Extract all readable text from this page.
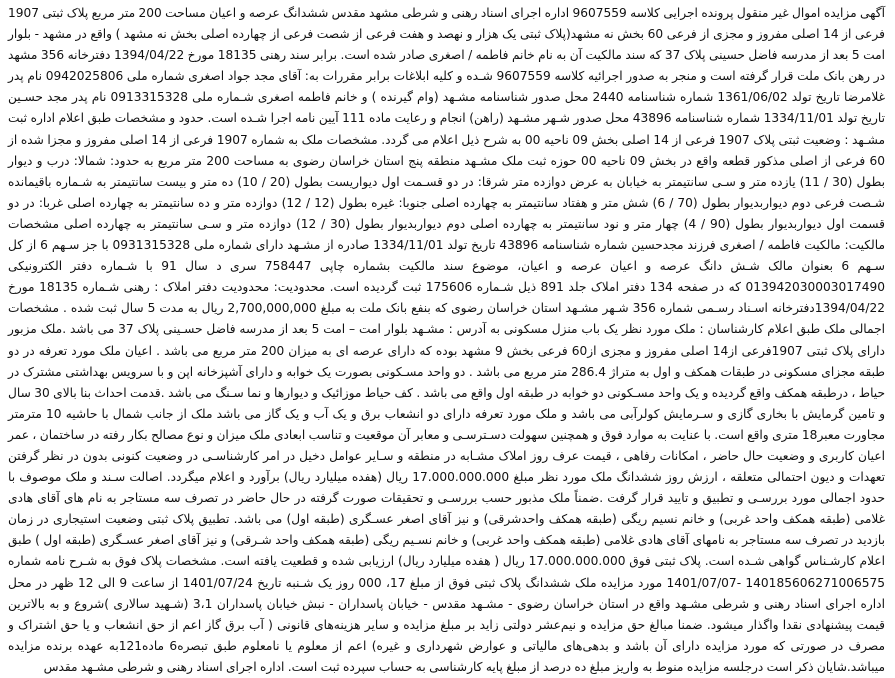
آگهی مزایده اموال غیر منقول پرونده اجرایی کلاسه 9607559 اداره اجرای اسناد رهنی و شرطی مشهد مقدس ششدانگ عرصه و اعیان مساحت 200 متر مربع پلاک ثبتی 1907 فرعی از 14 اصلی مفروز و مجزی از فرعی 60 بخش نه مشهد(پلاک ثبتی یک هزار و نهصد و هفت فرعی از شصت فرعی از چهارده اصلی بخش نه مشهد ) واقع در مشهد - بلوار امت 5 بعد از مدرسه فاضل حسینی پلاک 37 که سند مالکیت آن به نام خانم فاطمه / اصغری صادر شده است. برابر سند رهنی 18135 مورخ 1394/04/22 دفترخانه 356 مشهد در رهن بانک ملت قرار گرفته است و منجر به صدور اجرائیه کلاسه 9607559 شـده و کلیه ابلاغات برابر مقررات به: آقای مجد جواد اصغری شماره ملی 0942025806 نام پدر غلامرضا تاریخ تولد 1361/06/02 شماره شناسنامه 2440 محل صدور شناسنامه مشـهد (وام گیرنده ) و خانم فاطمه اصغری شـماره ملی 0913315328 نام پدر مجد حسـین تاریخ تولد 1334/11/01 شماره شناسنامه 43896 محل صدور شـهر مشـهد (راهن) انجام و رعایت ماده 111 آیین نامه اجرا شـده است. حدود و مشخصات طبق اعلام اداره ثبت مشـهد : وضعیت ثبتی پلاک 1907 فرعی از 14 اصلی بخش 09 ناحیه 00 به شرح ذیل اعلام می گردد. مشخصات ملک به شماره 1907 فرعی از 14 اصلی مفروز و مجزا شده از 60 فرعی از اصلی مذکور قطعه واقع در بخش 09 ناحیه 00 حوزه ثبت ملک مشـهد منطقه پنج استان خراسان رضوی به مساحت 200 متر مربع به حدود: شمالا: درب و دیوار بطول (30 / 11) یازده متر و سـی سانتیمتر به خیابان به عرض دوازده متر شرقا: در دو قسـمت اول دیواریست بطول (20 / 10) ده متر و بیست سانتیمتر به شـماره باقیمانده شـصت فرعی دوم دیواربدیوار بطول (70 / 6) شش متر و هفتاد سانتیمتر به چهارده اصلی جنوبا: غیره بطول (12 / 12) دوازده متر و ده سانتیمتر به چهارده اصلی غربا: در دو قسمت اول دیواربدیوار بطول (90 / 4) چهار متر و نود سانتیمتر به چهارده اصلی دوم دیواربدیوار بطول (30 / 12) دوازده متر و سـی سانتیمتر به چهارده اصلی مشخصات مالکیت: مالکیت فاطمه / اصغری فرزند مجدحسین شماره شناسنامه 43896 تاریخ تولد 1334/11/01 صادره از مشـهد دارای شماره ملی 0931315328 با جز سـهم 6 از کل سـهم 6 بعنوان مالک شـش دانگ عرصه و اعیان عرصه و اعیان، موضوع سند مالکیت بشماره چاپی 758447 سری د سال 91 با شـماره دفتر الکترونیکی 013942030003017490 که در صفحه 134 دفتر املاک جلد 891 ذیل شـماره 175606 ثبت گردیده است. محدودیت: محدودیت دفتر املاک : رهنی شـماره 18135 مورخ 1394/04/22دفترخانه اسـناد رسـمی شماره 356 شـهر مشـهد استان خراسان رضوی که بنفع بانک ملت به مبلغ 2,700,000,000 ریال به مدت 5 سال ثبت شده . مشخصات اجمالی ملک طبق اعلام کارشناسان : ملک مورد نظر یک باب منزل مسکونی به آدرس : مشـهد بلوار امت – امت 5 بعد از مدرسه فاضل حسـینی پلاک 37 می باشد .ملک مزبور دارای پلاک ثبتی 1907فرعی از14 اصلی مفروز و مجزی از60 فرعی بخش 9 مشهد بوده که دارای عرصه ای به میزان 200 متر مربع می باشد . اعیان ملک مورد تعرفه در دو طبقه مجزای مسکونی در طبقات همکف و اول به متراژ 286.4 متر مربع می باشد . دو واحد مسـکونی بصورت یک خوابه و دارای آشپزخانه اپن و با سرویس بهداشتی مشترک در حیاط ، درطبقه همکف واقع گردیده و یک واحد مسـکونی دو خوابه در طبقه اول واقع می باشد . کف حیاط موزائیک و دیوارها و نما سـنگ می باشد .قدمت احداث بنا بالای 30 سال و تامین گرمایش با بخاری گازی و سـرمایش کولرآبی می باشد و ملک مورد تعرفه دارای دو انشعاب برق و یک آب و یک گاز می باشد ملک از جانب شمال با حاشیه 10 مترمتر مجاورت معبر18 متری واقع است. با عنایت به موارد فوق و همچنین سهولت دسـترسـی و معابر آن موقعیت و تناسب ابعادی ملک میزان و نوع مصالح بکار رفته در ساختمان ، عمر اعیان کاربری و وضعیت حال حاضر ، امکانات رفاهی ، قیمت عرف روز املاک مشـابه در منطقه و سـایر عوامل دخیل در امر کارشناسـی در وضعیت کنونی بدون در نظر گرفتن تعهدات و دیون احتمالی متعلقه ، ارزش روز ششدانگ ملک مورد نظر مبلغ 17.000.000.000 ریال (هفده میلیارد ریال) برآورد و اعلام میگردد. اصالت سـند و ملک موصوف با حدود اجمالی مورد بررسـی و تطبیق و تایید قرار گرفت .ضمناً ملک مذبور حسب بررسـی و تحقیقات صورت گرفته در حال حاضر در تصرف سه مستاجر به نام های آقای هادی غلامی (طبقه همکف واحد غربی) و خانم نسیم ریگی (طبقه همکف واحدشرقی) و نیز آقای اصغر عسـگری (طبقه اول) می باشد. تطبیق پلاک ثبتی وضعیت استیجاری در زمان بازدید در تصرف سه مستاجر به نامهای آقای هادی غلامی (طبقه همکف واحد غربی) و خانم نسـیم ریگی (طبقه همکف واحد شـرقی) و نیز آقای اصغر عسـگری (طبقه اول ) طبق اعلام کارشـناس گواهی شـده است. پلاک ثبتی فوق 17.000.000.000 ریال ( هفده میلیارد ریال) ارزیابی شده و قطعیت یافته است. مشخصات پلاک فوق به شـرح نامه شماره 140185606271006575 -1401/07/07 مورد مزایده ملک ششدانگ پلاک ثبتی فوق از مبلغ 17، 000 روز یک شـنبه تاریخ 1401/07/24 از ساعت 9 الی 12 ظهر در محل اداره اجرای اسناد رهنی و شرطی مشـهد واقع در استان خراسان رضوی - مشـهد مقدس - خیابان پاسداران - نبش خیابان پاسداران 3،1 (شـهید سالاری )شروع و به بالاترین قیمت پیشنهادی نقدا واگذار میشود. ضمنا مبالغ حق مزایده و نیم‌عشر دولتی زاید بر مبلغ مزایده و سایر هزینه‌های قانونی ( آب برق گاز اعم از حق انشعاب و یا حق اشتراک و مصرف در صورتی که مورد مزایده دارای آن باشد و بدهی‌های مالیاتی و عوارض شهرداری و غیره) اعم از معلوم یا نامعلوم طبق تبصره6 ماده121به عهده برنده مزایده میباشد.شایان ذکر است درجلسه مزایده منوط به واریز مبلغ ده درصد از مبلغ پایه کارشناسی به حساب سپرده ثبت است. اداره اجرای اسناد رهنی و شرطی مشـهد مقدس
